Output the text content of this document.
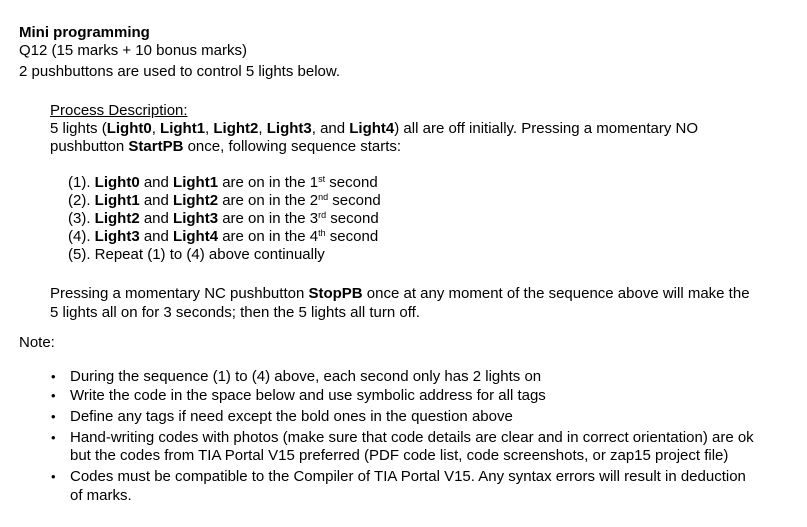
Mini programming
Q12 (15 marks + 10 bonus marks)
2 pushbuttons are used to control 5 lights below.
Process Description:
5 lights (Light0, Light1, Light2, Light3, and Light4) all are off initially. Pressing a momentary NO
pushbutton StartPB once, following sequence starts:
(1). Light0 and Light1 are on in the 1st second
(2). Light1 and Light2 are on in the 2nd second
(3). Light2 and Light3 are on in the 3rd second
(4). Light3 and Light4 are on in the 4th second
(5). Repeat (1) to (4) above continually
Pressing a momentary NC pushbutton StopPB once at any moment of the sequence above will make the
5 lights all on for 3 seconds; then the 5 lights all turn off.
Note:
• During the sequence (1) to (4) above, each second only has 2 lights on
• Write the code in the space below and use symbolic address for all tags
• Define any tags if need except the bold ones in the question above
• Hand-writing codes with photos (make sure that code details are clear and in correct orientation) are ok
but the codes from TIA Portal V15 preferred (PDF code list, code screenshots, or zap15 project file)
• Codes must be compatible to the Compiler of TIA Portal V15. Any syntax errors will result in deduction
of marks.
